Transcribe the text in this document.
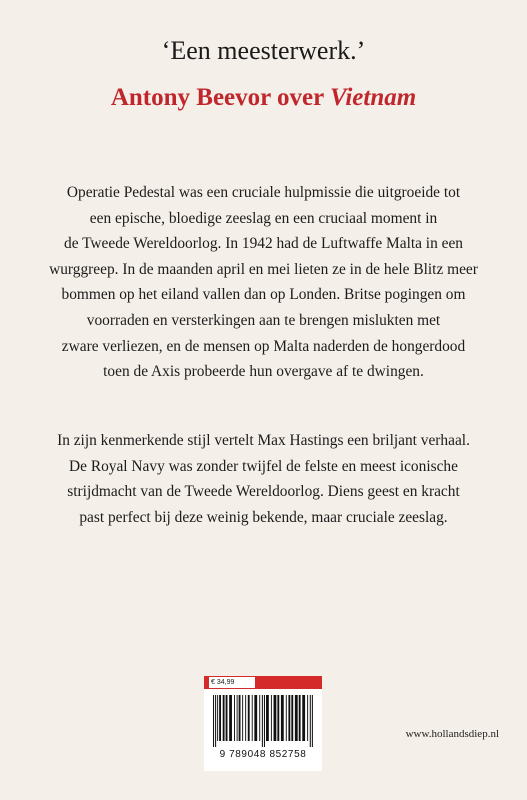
‘Een meesterwerk.’
Antony Beevor over Vietnam

Operatie Pedestal was een cruciale hulpmissie die uitgroeide tot
een epische, bloedige zeeslag en een cruciaal moment in
de Tweede Wereldoorlog. In 1942 had de Luftwaffe Malta in een
wurggreep. In de maanden april en mei lieten ze in de hele Blitz meer
bommen op het eiland vallen dan op Londen. Britse pogingen om
voorraden en versterkingen aan te brengen mislukten met
zware verliezen, en de mensen op Malta naderden de hongerdood
toen de Axis probeerde hun overgave af te dwingen.

In zijn kenmerkende stijl vertelt Max Hastings een briljant verhaal.
De Royal Navy was zonder twijfel de felste en meest iconische
strijdmacht van de Tweede Wereldoorlog. Diens geest en kracht
past perfect bij deze weinig bekende, maar cruciale zeeslag.

€ 34,99
9 789048 852758
www.hollandsdiep.nl
